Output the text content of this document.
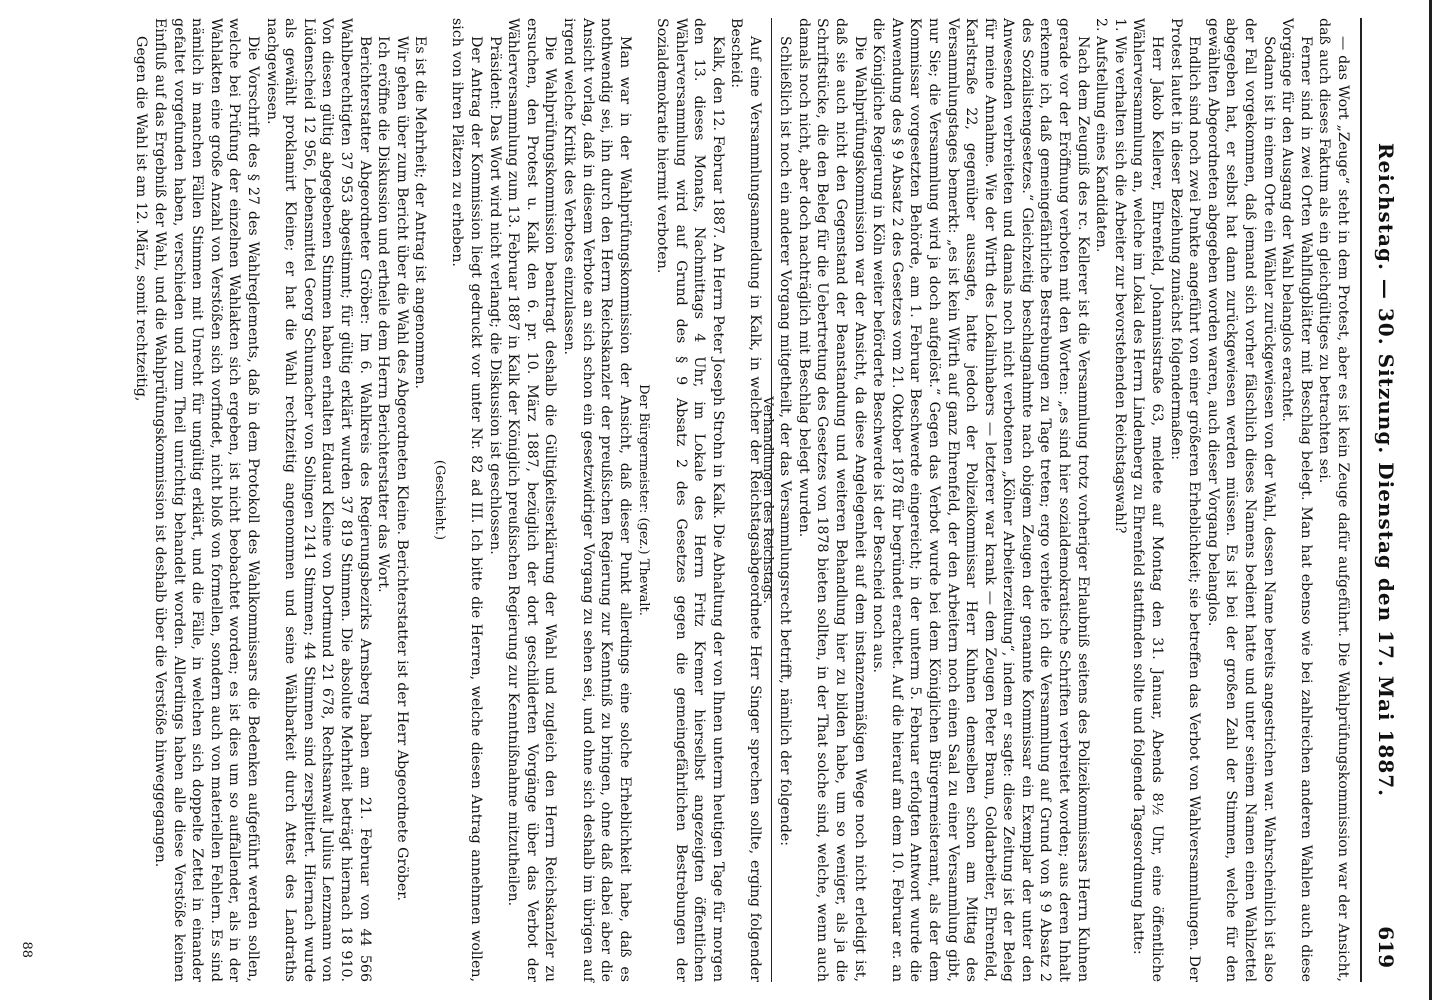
Reichstag. — 30. Sitzung. Dienstag den 17. Mai 1887.
619

— das Wort „Zeuge“ steht in dem Protest, aber es ist kein Zeuge dafür aufgeführt. Die Wahlprüfungskommission war der Ansicht, daß auch dieses Faktum als ein gleichgültiges zu betrachten sei.

Ferner sind in zwei Orten Wahlflugblätter mit Beschlag belegt. Man hat ebenso wie bei zahlreichen anderen Wahlen auch diese Vorgänge für den Ausgang der Wahl belanglos erachtet.

Sodann ist in einem Orte ein Wähler zurückgewiesen von der Wahl, dessen Name bereits angestrichen war. Wahrscheinlich ist also der Fall vorgekommen, daß jemand sich vorher fälschlich dieses Namens bedient hatte und unter seinem Namen einen Wahlzettel abgegeben hat, er selbst hat dann zurückgewiesen werden müssen. Es ist bei der großen Zahl der Stimmen, welche für den gewählten Abgeordneten abgegeben worden waren, auch dieser Vorgang belanglos.

Endlich sind noch zwei Punkte angeführt von einer größeren Erheblichkeit; sie betreffen das Verbot von Wahlversammlungen. Der Protest lautet in dieser Beziehung zunächst folgendermaßen:

Herr Jakob Kellerer, Ehrenfeld, Johannisstraße 63, meldete auf Montag den 31. Januar, Abends 8½ Uhr, eine öffentliche Wählerversammlung an, welche im Lokal des Herrn Lindenberg zu Ehrenfeld stattfinden sollte und folgende Tagesordnung hatte:

1. Wie verhalten sich die Arbeiter zur bevorstehenden Reichstagswahl?

2. Aufstellung eines Kandidaten.

Nach dem Zeugniß des rc. Kellerer ist die Versammlung trotz vorheriger Erlaubniß seitens des Polizeikommissars Herrn Kuhnen gerade vor der Eröffnung verboten mit den Worten: „es sind hier sozialdemokratische Schriften verbreitet worden; aus deren Inhalt erkenne ich, daß gemeingefährliche Bestrebungen zu Tage treten; ergo verbiete ich die Versammlung auf Grund von § 9 Absatz 2 des Sozialistengesetzes.“ Gleichzeitig beschlagnahmte nach obigem Zeugen der genannte Kommissar ein Exemplar der unter den Anwesenden verbreiteten und damals noch nicht verbotenen „Kölner Arbeiterzeitung“, indem er sagte: diese Zeitung ist der Beleg für meine Annahme. Wie der Wirth des Lokalinhabers — letzterer war krank — dem Zeugen Peter Braun, Goldarbeiter, Ehrenfeld, Karlstraße 22, gegenüber aussagte, hatte jedoch der Polizeikommissar Herr Kuhnen demselben schon am Mittag des Versammlungstages bemerkt: „es ist kein Wirth auf ganz Ehrenfeld, der den Arbeitern noch einen Saal zu einer Versammlung gibt, nur Sie; die Versammlung wird ja doch aufgelöst.“ Gegen das Verbot wurde bei dem Königlichen Bürgermeisteramt, als der dem Kommissar vorgesetzten Behörde, am 1. Februar Beschwerde eingereicht; in der unterm 5. Februar erfolgten Antwort wurde die Anwendung des § 9 Absatz 2 des Gesetzes vom 21. Oktober 1878 für begründet erachtet. Auf die hierauf am dem 10. Februar er. an die Königliche Regierung in Köln weiter beförderte Beschwerde ist der Bescheid noch aus.

Die Wahlprüfungskommission war der Ansicht, da diese Angelegenheit auf dem instanzenmäßigen Wege noch nicht erledigt ist, daß sie auch nicht den Gegenstand der Beanstandung und weiteren Behandlung hier zu bilden habe, um so weniger, als ja die Schriftstücke, die den Beleg für die Uebertretung des Gesetzes von 1878 bieten sollten, in der That solche sind, welche, wenn auch damals noch nicht, aber doch nachträglich mit Beschlag belegt wurden.

Schließlich ist noch ein anderer Vorgang mitgetheilt, der das Versammlungsrecht betrifft, nämlich der folgende:

Verhandlungen des Reichstags.

Auf eine Versammlungsanmeldung in Kalk, in welcher der Reichstagsabgeordnete Herr Singer sprechen sollte, erging folgender Bescheid:

Kalk, den 12. Februar 1887. An Herrn Peter Joseph Strohn in Kalk. Die Abhaltung der von Ihnen unterm heutigen Tage für morgen den 13. dieses Monats, Nachmittags 4 Uhr, im Lokale des Herrn Fritz Kremer hierselbst angezeigten öffentlichen Wählerversammlung wird auf Grund des § 9 Absatz 2 des Gesetzes gegen die gemeingefährlichen Bestrebungen der Sozialdemokratie hiermit verboten.

Der Bürgermeister: (gez.) Thewalt.

Man war in der Wahlprüfungskommission der Ansicht, daß dieser Punkt allerdings eine solche Erheblichkeit habe, daß es nothwendig sei, ihn durch den Herrn Reichskanzler der preußischen Regierung zur Kenntniß zu bringen, ohne daß dabei aber die Ansicht vorlag, daß in diesem Verbote an sich schon ein gesetzwidriger Vorgang zu sehen sei, und ohne sich deshalb im übrigen auf irgend welche Kritik des Verbotes einzulassen.

Die Wahlprüfungskommission beantragt deshalb die Gültigkeitserklärung der Wahl und zugleich den Herrn Reichskanzler zu ersuchen, den Protest u. Kalk den 6. pr. 10. März 1887, bezüglich der dort geschilderten Vorgänge über das Verbot der Wählerversammlung zum 13. Februar 1887 in Kalk der Königlich preußischen Regierung zur Kenntnißnahme mitzutheilen.

Präsident: Das Wort wird nicht verlangt; die Diskussion ist geschlossen.

Der Antrag der Kommission liegt gedruckt vor unter Nr. 82 ad III. Ich bitte die Herren, welche diesen Antrag annehmen wollen, sich von ihren Plätzen zu erheben.

(Geschieht.)

Es ist die Mehrheit; der Antrag ist angenommen.

Wir gehen über zum Bericht über die Wahl des Abgeordneten Kleine. Berichterstatter ist der Herr Abgeordnete Gröber.

Ich eröffne die Diskussion und ertheile dem Herrn Berichterstatter das Wort.

Berichterstatter Abgeordneter Gröber: Im 6. Wahlkreis des Regierungsbezirks Arnsberg haben am 21. Februar von 44 566 Wahlberechtigten 37 953 abgestimmt; für gültig erklärt wurden 37 819 Stimmen. Die absolute Mehrheit beträgt hiernach 18 910. Von diesen gültig abgegebenen Stimmen haben erhalten Eduard Kleine von Dortmund 21 678, Rechtsanwalt Julius Lenzmann von Lüdenscheid 12 956, Lebensmittel Georg Schumacher von Solingen 2141 Stimmen; 44 Stimmen sind zersplittert. Hiernach wurde als gewählt proklamirt Kleine; er hat die Wahl rechtzeitig angenommen und seine Wählbarkeit durch Attest des Landraths nachgewiesen.

Die Vorschrift des § 27 des Wahlreglements, daß in dem Protokoll des Wahlkommissars die Bedenken aufgeführt werden sollen, welche bei Prüfung der einzelnen Wahlakten sich ergeben, ist nicht beobachtet worden; es ist dies um so auffallender, als in der Wahlakten eine große Anzahl von Verstößen sich vorfindet, nicht bloß von formellen, sondern auch von materiellen Fehlern. Es sind nämlich in manchen Fällen Stimmen mit Unrecht für ungültig erklärt, und die Fälle, in welchen sich doppelte Zettel in einander gefaltet vorgefunden haben, verschieden und zum Theil unrichtig behandelt worden. Allerdings haben alle diese Verstöße keinen Einfluß auf das Ergebniß der Wahl, und die Wahlprüfungskommission ist deshalb über die Verstöße hinweggegangen.

Gegen die Wahl ist am 12. März, somit rechtzeitig,

88
